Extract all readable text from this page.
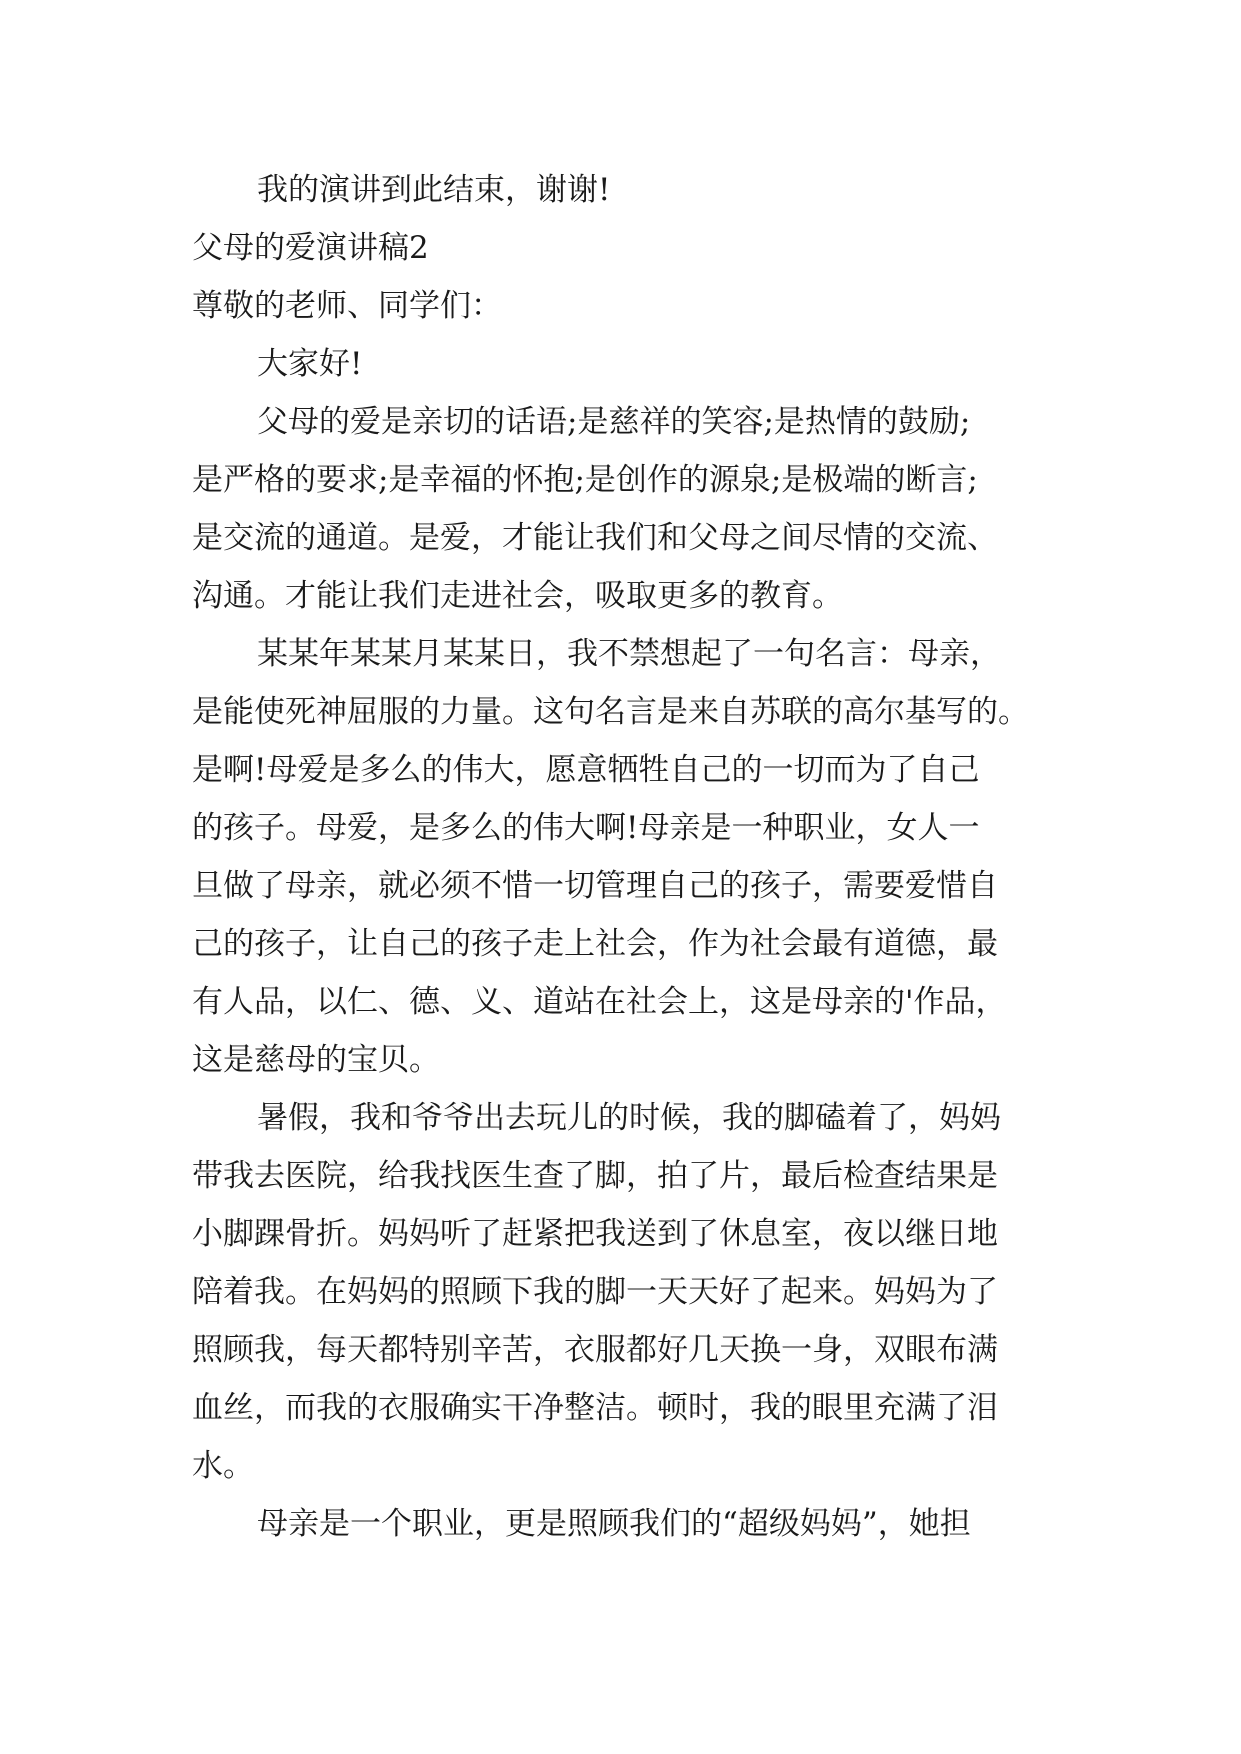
我的演讲到此结束，谢谢!

父母的爱演讲稿2

尊敬的老师、同学们：

大家好!

父母的爱是亲切的话语;是慈祥的笑容;是热情的鼓励;
是严格的要求;是幸福的怀抱;是创作的源泉;是极端的断言;
是交流的通道。是爱，才能让我们和父母之间尽情的交流、
沟通。才能让我们走进社会，吸取更多的教育。
某某年某某月某某日，我不禁想起了一句名言：母亲，
是能使死神屈服的力量。这句名言是来自苏联的高尔基写的。
是啊!母爱是多么的伟大，愿意牺牲自己的一切而为了自己
的孩子。母爱，是多么的伟大啊!母亲是一种职业，女人一
旦做了母亲，就必须不惜一切管理自己的孩子，需要爱惜自
己的孩子，让自己的孩子走上社会，作为社会最有道德，最
有人品，以仁、德、义、道站在社会上，这是母亲的'作品，
这是慈母的宝贝。
暑假，我和爷爷出去玩儿的时候，我的脚磕着了，妈妈
带我去医院，给我找医生查了脚，拍了片，最后检查结果是
小脚踝骨折。妈妈听了赶紧把我送到了休息室，夜以继日地
陪着我。在妈妈的照顾下我的脚一天天好了起来。妈妈为了
照顾我，每天都特别辛苦，衣服都好几天换一身，双眼布满
血丝，而我的衣服确实干净整洁。顿时，我的眼里充满了泪
水。
母亲是一个职业，更是照顾我们的“超级妈妈”，她担
